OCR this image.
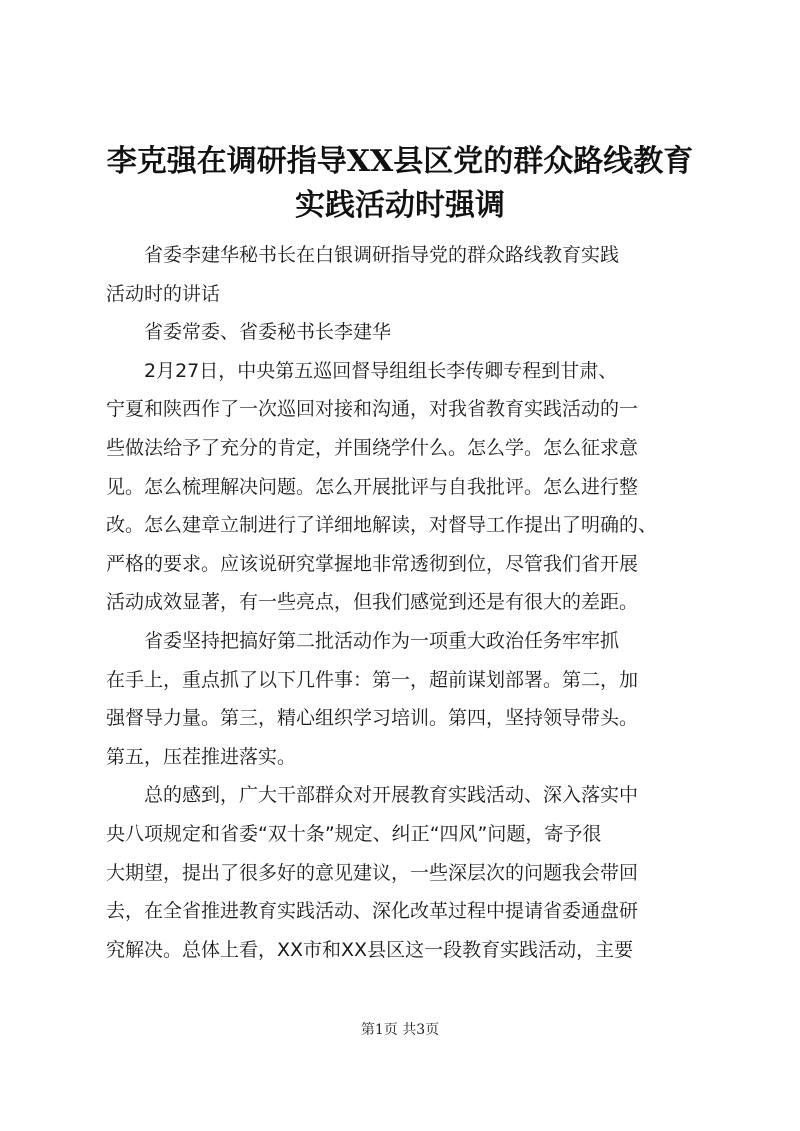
李克强在调研指导XX县区党的群众路线教育
实践活动时强调
省委李建华秘书长在白银调研指导党的群众路线教育实践
活动时的讲话
省委常委、省委秘书长李建华
2月27日，中央第五巡回督导组组长李传卿专程到甘肃、
宁夏和陕西作了一次巡回对接和沟通，对我省教育实践活动的一
些做法给予了充分的肯定，并围绕学什么。怎么学。怎么征求意
见。怎么梳理解决问题。怎么开展批评与自我批评。怎么进行整
改。怎么建章立制进行了详细地解读，对督导工作提出了明确的、
严格的要求。应该说研究掌握地非常透彻到位，尽管我们省开展
活动成效显著，有一些亮点，但我们感觉到还是有很大的差距。
省委坚持把搞好第二批活动作为一项重大政治任务牢牢抓
在手上，重点抓了以下几件事：第一，超前谋划部署。第二，加
强督导力量。第三，精心组织学习培训。第四，坚持领导带头。
第五，压茬推进落实。
总的感到，广大干部群众对开展教育实践活动、深入落实中
央八项规定和省委“双十条”规定、纠正“四风”问题，寄予很
大期望，提出了很多好的意见建议，一些深层次的问题我会带回
去，在全省推进教育实践活动、深化改革过程中提请省委通盘研
究解决。总体上看，XX市和XX县区这一段教育实践活动，主要
第1页 共3页
